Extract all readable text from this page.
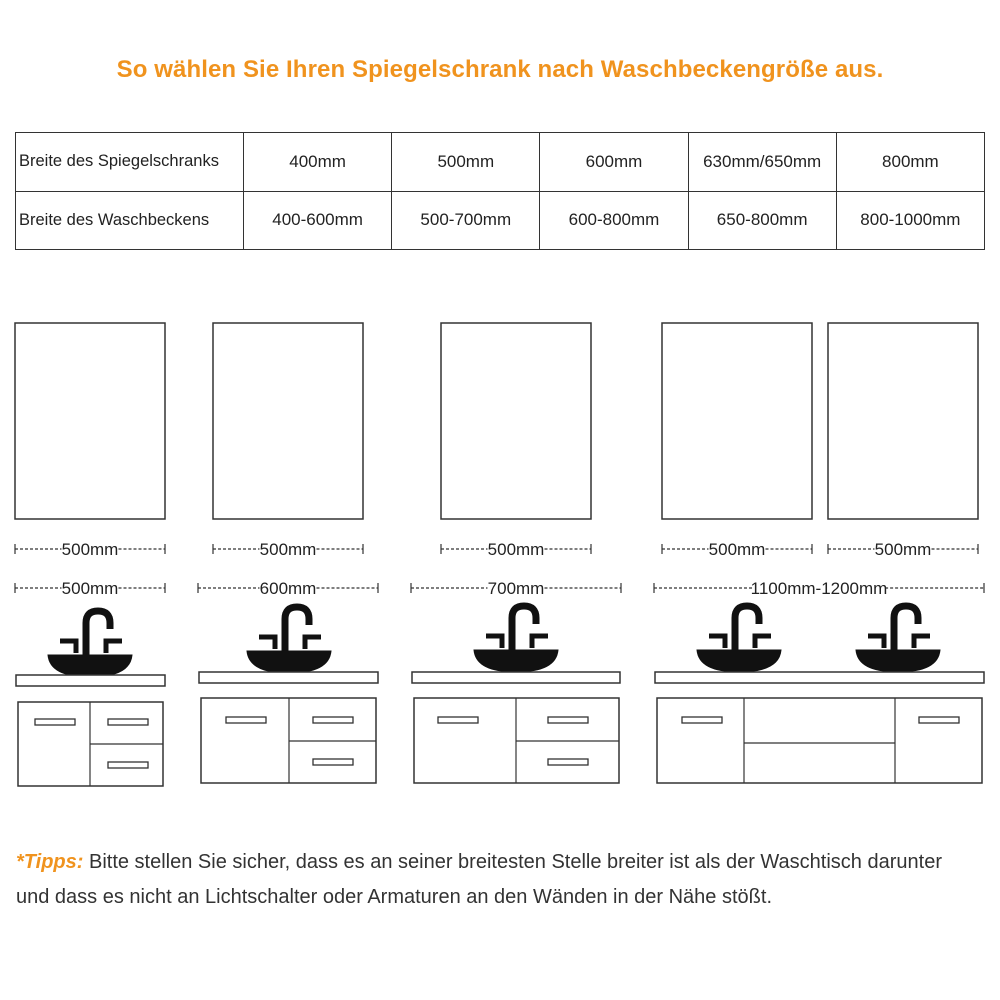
So wählen Sie Ihren Spiegelschrank nach Waschbeckengröße aus.
Breite des Spiegelschranks	400mm	500mm	600mm	630mm/650mm	800mm
Breite des Waschbeckens	400-600mm	500-700mm	600-800mm	650-800mm	800-1000mm
500mm	500mm	500mm	500mm	500mm
500mm	600mm	700mm	1100mm-1200mm
*Tipps: Bitte stellen Sie sicher, dass es an seiner breitesten Stelle breiter ist als der Waschtisch darunter und dass es nicht an Lichtschalter oder Armaturen an den Wänden in der Nähe stößt.
